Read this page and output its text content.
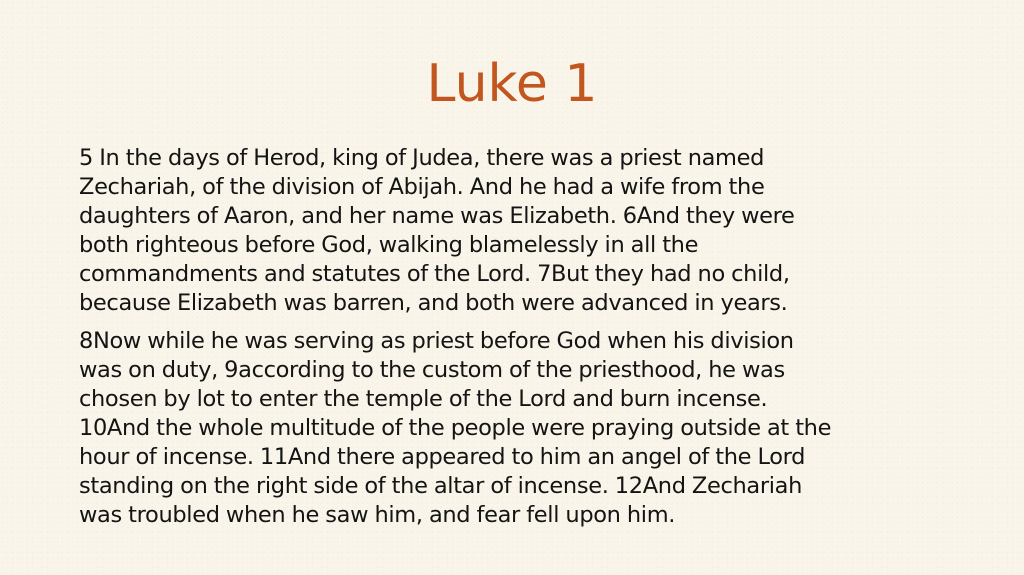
Luke 1

5 In the days of Herod, king of Judea, there was a priest named
Zechariah, of the division of Abijah. And he had a wife from the
daughters of Aaron, and her name was Elizabeth. 6And they were
both righteous before God, walking blamelessly in all the
commandments and statutes of the Lord. 7But they had no child,
because Elizabeth was barren, and both were advanced in years.

8Now while he was serving as priest before God when his division
was on duty, 9according to the custom of the priesthood, he was
chosen by lot to enter the temple of the Lord and burn incense.
10And the whole multitude of the people were praying outside at the
hour of incense. 11And there appeared to him an angel of the Lord
standing on the right side of the altar of incense. 12And Zechariah
was troubled when he saw him, and fear fell upon him.
